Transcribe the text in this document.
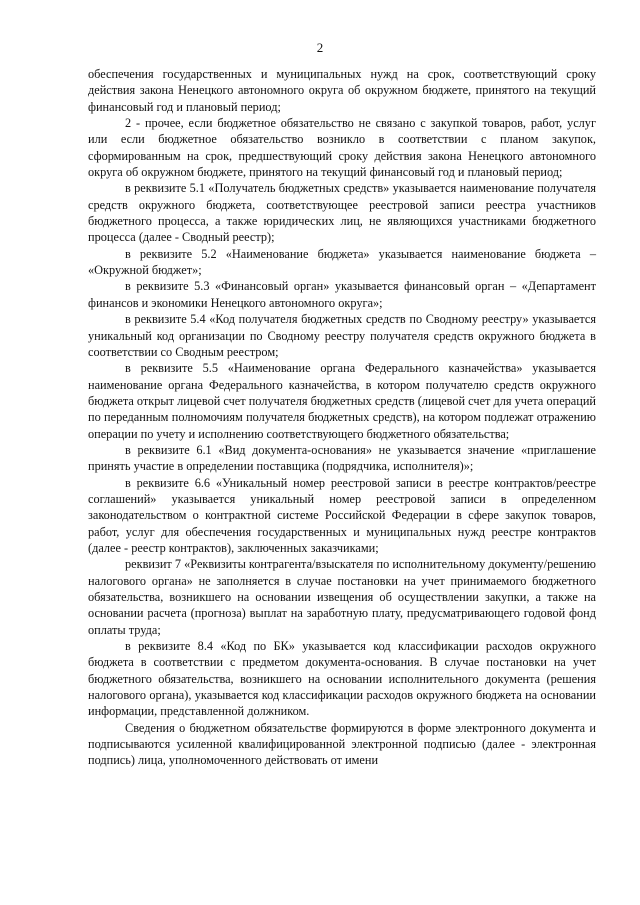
2

обеспечения государственных и муниципальных нужд на срок, соответствующий сроку действия закона Ненецкого автономного округа об окружном бюджете, принятого на текущий финансовый год и плановый период;

2 - прочее, если бюджетное обязательство не связано с закупкой товаров, работ, услуг или если бюджетное обязательство возникло в соответствии с планом закупок, сформированным на срок, предшествующий сроку действия закона Ненецкого автономного округа об окружном бюджете, принятого на текущий финансовый год и плановый период;

в реквизите 5.1 «Получатель бюджетных средств» указывается наименование получателя средств окружного бюджета, соответствующее реестровой записи реестра участников бюджетного процесса, а также юридических лиц, не являющихся участниками бюджетного процесса (далее - Сводный реестр);

в реквизите 5.2 «Наименование бюджета» указывается наименование бюджета – «Окружной бюджет»;

в реквизите 5.3 «Финансовый орган» указывается финансовый орган – «Департамент финансов и экономики Ненецкого автономного округа»;

в реквизите 5.4 «Код получателя бюджетных средств по Сводному реестру» указывается уникальный код организации по Сводному реестру получателя средств окружного бюджета в соответствии со Сводным реестром;

в реквизите 5.5 «Наименование органа Федерального казначейства» указывается наименование органа Федерального казначейства, в котором получателю средств окружного бюджета открыт лицевой счет получателя бюджетных средств (лицевой счет для учета операций по переданным полномочиям получателя бюджетных средств), на котором подлежат отражению операции по учету и исполнению соответствующего бюджетного обязательства;

в реквизите 6.1 «Вид документа-основания» не указывается значение «приглашение принять участие в определении поставщика (подрядчика, исполнителя)»;

в реквизите 6.6 «Уникальный номер реестровой записи в реестре контрактов/реестре соглашений» указывается уникальный номер реестровой записи в определенном законодательством о контрактной системе Российской Федерации в сфере закупок товаров, работ, услуг для обеспечения государственных и муниципальных нужд реестре контрактов (далее - реестр контрактов), заключенных заказчиками;

реквизит 7 «Реквизиты контрагента/взыскателя по исполнительному документу/решению налогового органа» не заполняется в случае постановки на учет принимаемого бюджетного обязательства, возникшего на основании извещения об осуществлении закупки, а также на основании расчета (прогноза) выплат на заработную плату, предусматривающего годовой фонд оплаты труда;

в реквизите 8.4 «Код по БК» указывается код классификации расходов окружного бюджета в соответствии с предметом документа-основания. В случае постановки на учет бюджетного обязательства, возникшего на основании исполнительного документа (решения налогового органа), указывается код классификации расходов окружного бюджета на основании информации, представленной должником.

Сведения о бюджетном обязательстве формируются в форме электронного документа и подписываются усиленной квалифицированной электронной подписью (далее - электронная подпись) лица, уполномоченного действовать от имени
